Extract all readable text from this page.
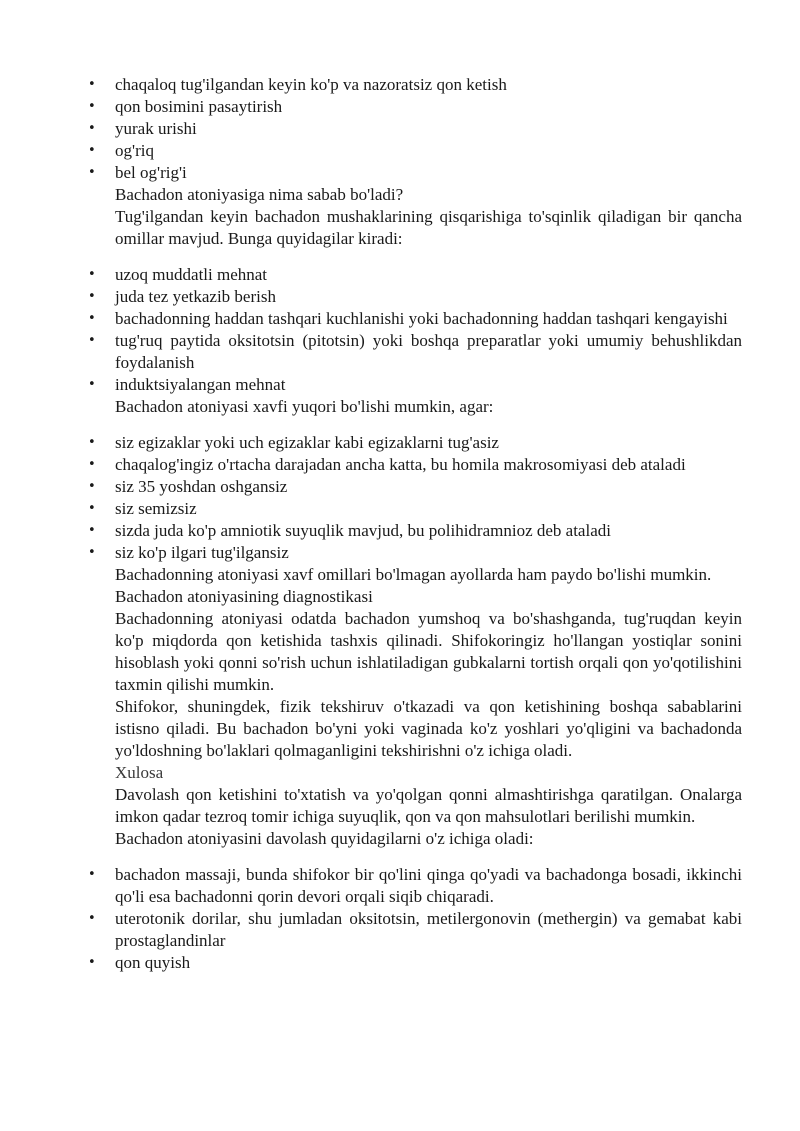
• chaqaloq tug'ilgandan keyin ko'p va nazoratsiz qon ketish
• qon bosimini pasaytirish
• yurak urishi
• og'riq
• bel og'rig'i

Bachadon atoniyasiga nima sabab bo'ladi?

Tug'ilgandan keyin bachadon mushaklarining qisqarishiga to'sqinlik qiladigan bir qancha omillar mavjud. Bunga quyidagilar kiradi:

• uzoq muddatli mehnat
• juda tez yetkazib berish
• bachadonning haddan tashqari kuchlanishi yoki bachadonning haddan tashqari kengayishi
• tug'ruq paytida oksitotsin (pitotsin) yoki boshqa preparatlar yoki umumiy behushlikdan foydalanish
• induktsiyalangan mehnat

Bachadon atoniyasi xavfi yuqori bo'lishi mumkin, agar:

• siz egizaklar yoki uch egizaklar kabi egizaklarni tug'asiz
• chaqalog'ingiz o'rtacha darajadan ancha katta, bu homila makrosomiyasi deb ataladi
• siz 35 yoshdan oshgansiz
• siz semizsiz
• sizda juda ko'p amniotik suyuqlik mavjud, bu polihidramnioz deb ataladi
• siz ko'p ilgari tug'ilgansiz

Bachadonning atoniyasi xavf omillari bo'lmagan ayollarda ham paydo bo'lishi mumkin.

Bachadon atoniyasining diagnostikasi

Bachadonning atoniyasi odatda bachadon yumshoq va bo'shashganda, tug'ruqdan keyin ko'p miqdorda qon ketishida tashxis qilinadi. Shifokoringiz ho'llangan yostiqlar sonini hisoblash yoki qonni so'rish uchun ishlatiladigan gubkalarni tortish orqali qon yo'qotilishini taxmin qilishi mumkin.

Shifokor, shuningdek, fizik tekshiruv o'tkazadi va qon ketishining boshqa sabablarini istisno qiladi. Bu bachadon bo'yni yoki vaginada ko'z yoshlari yo'qligini va bachadonda yo'ldoshning bo'laklari qolmaganligini tekshirishni o'z ichiga oladi.

Xulosa

Davolash qon ketishini to'xtatish va yo'qolgan qonni almashtirishga qaratilgan. Onalarga imkon qadar tezroq tomir ichiga suyuqlik, qon va qon mahsulotlari berilishi mumkin.

Bachadon atoniyasini davolash quyidagilarni o'z ichiga oladi:

• bachadon massaji, bunda shifokor bir qo'lini qinga qo'yadi va bachadonga bosadi, ikkinchi qo'li esa bachadonni qorin devori orqali siqib chiqaradi.
• uterotonik dorilar, shu jumladan oksitotsin, metilergonovin (methergin) va gemabat kabi prostaglandinlar
• qon quyish
